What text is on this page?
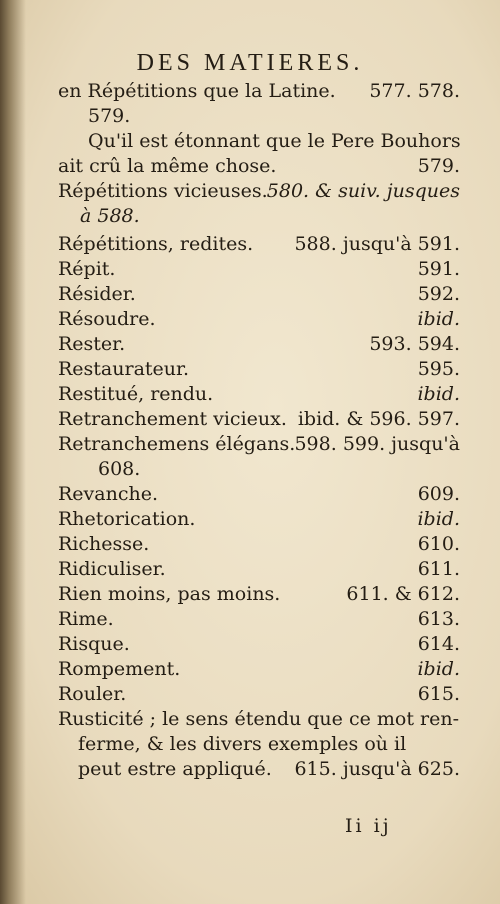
DES MATIERES.
en Répétitions que la Latine. 577. 578.
579.
Qu'il est étonnant que le Pere Bouhors
ait crû la même chose.	579.
Répétitions vicieuses. 580. & suiv. jusques
à 588.
Répétitions, redites. 588. jusqu'à 591.
Répit.	591.
Résider.	592.
Résoudre.	ibid.
Rester.	593. 594.
Restaurateur.	595.
Restitué, rendu.	ibid.
Retranchement vicieux. ibid. & 596. 597.
Retranchemens élégans. 598. 599. jusqu'à
608.
Revanche.	609.
Rhetorication.	ibid.
Richesse.	610.
Ridiculiser.	611.
Rien moins, pas moins.	611. & 612.
Rime.	613.
Risque.	614.
Rompement.	ibid.
Rouler.	615.
Rusticité ; le sens étendu que ce mot ren-
ferme, & les divers exemples où il
peut estre appliqué. 615. jusqu'à 625.
Ii ij
